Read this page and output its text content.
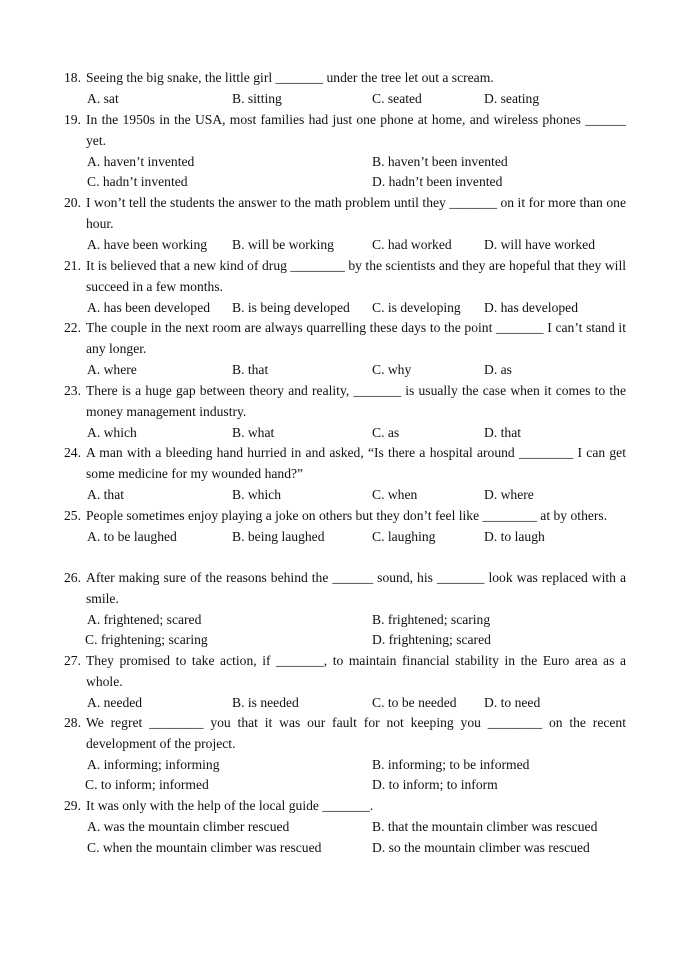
18. Seeing the big snake, the little girl _______ under the tree let out a scream.
A. sat	B. sitting	C. seated	D. seating
19. In the 1950s in the USA, most families had just one phone at home, and wireless phones ______ yet.
A. haven’t invented	B. haven’t been invented
C. hadn’t invented	D. hadn’t been invented
20. I won’t tell the students the answer to the math problem until they _______ on it for more than one hour.
A. have been working B. will be working	C. had worked D. will have worked
21. It is believed that a new kind of drug ________ by the scientists and they are hopeful that they will succeed in a few months.
A. has been developed B. is being developed C. is developing D. has developed
22. The couple in the next room are always quarrelling these days to the point _______ I can’t stand it any longer.
A. where	B. that	C. why	D. as
23. There is a huge gap between theory and reality, _______ is usually the case when it comes to the money management industry.
A. which	B. what	C. as	D. that
24. A man with a bleeding hand hurried in and asked, “Is there a hospital around ________ I can get some medicine for my wounded hand?”
A. that	B. which	C. when	D. where
25. People sometimes enjoy playing a joke on others but they don’t feel like ________ at by others.
A. to be laughed	B. being laughed	C. laughing	D. to laugh
26. After making sure of the reasons behind the ______ sound, his _______ look was replaced with a smile.
A. frightened; scared	B. frightened; scaring
C. frightening; scaring	D. frightening; scared
27. They promised to take action, if _______, to maintain financial stability in the Euro area as a whole.
A. needed	B. is needed	C. to be needed D. to need
28. We regret ________ you that it was our fault for not keeping you ________ on the recent development of the project.
A. informing; informing	B. informing; to be informed
C. to inform; informed	D. to inform; to inform
29. It was only with the help of the local guide _______.
A. was the mountain climber rescued	B. that the mountain climber was rescued
C. when the mountain climber was rescued	D. so the mountain climber was rescued
